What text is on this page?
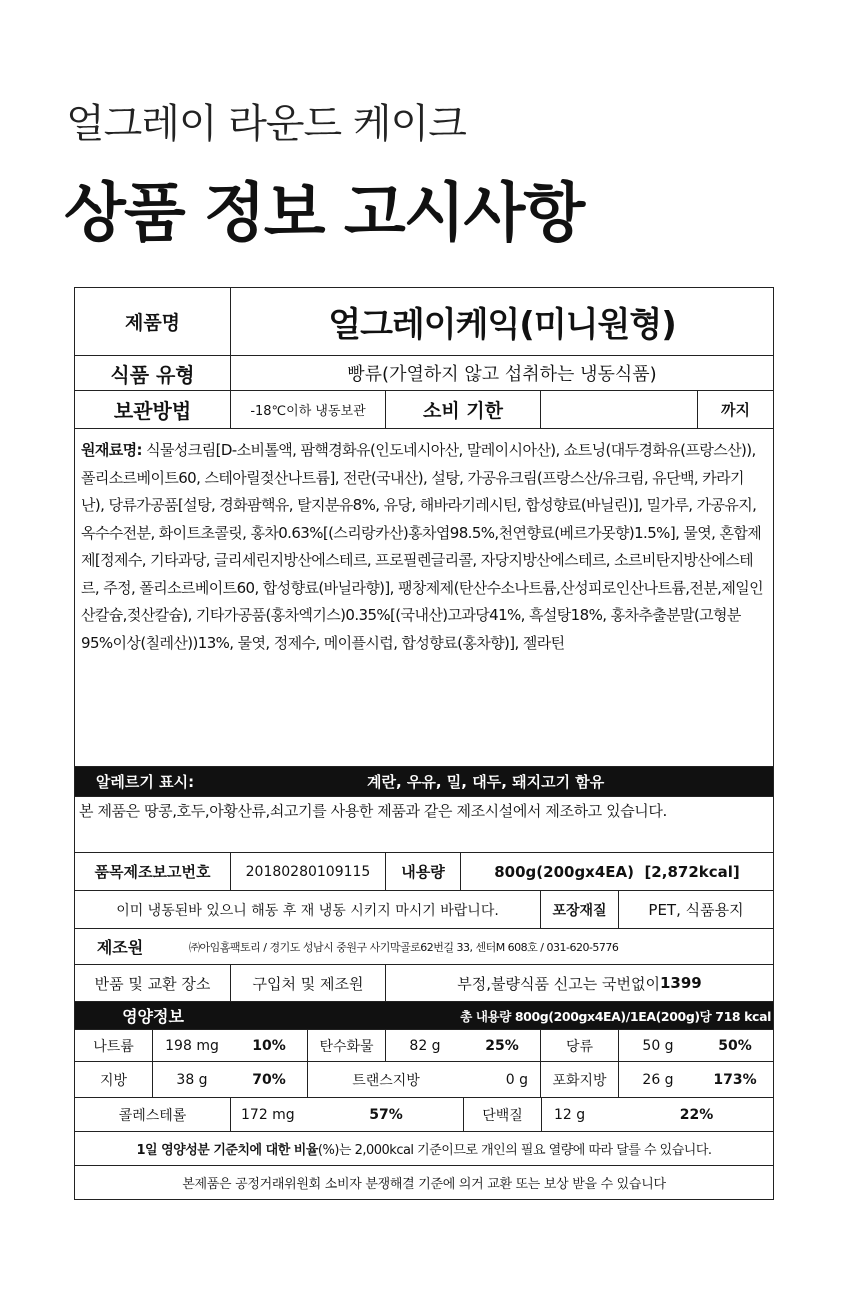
얼그레이 라운드 케이크
상품 정보 고시사항
제품명	얼그레이케익(미니원형)
식품 유형	빵류(가열하지 않고 섭취하는 냉동식품)
보관방법	-18℃이하 냉동보관	소비 기한	까지
원재료명: 식물성크림[D-소비톨액, 팜핵경화유(인도네시아산, 말레이시아산), 쇼트닝(대두경화유(프랑스산)), 폴리소르베이트60, 스테아릴젖산나트륨], 전란(국내산), 설탕, 가공유크림(프랑스산/유크림, 유단백, 카라기난), 당류가공품[설탕, 경화팜핵유, 탈지분유8%, 유당, 해바라기레시틴, 합성향료(바닐린)], 밀가루, 가공유지, 옥수수전분, 화이트초콜릿, 홍차0.63%[(스리랑카산)홍차엽98.5%,천연향료(베르가못향)1.5%], 물엿, 혼합제제[정제수, 기타과당, 글리세린지방산에스테르, 프로필렌글리콜, 자당지방산에스테르, 소르비탄지방산에스테르, 주정, 폴리소르베이트60, 합성향료(바닐라향)], 팽창제제(탄산수소나트륨,산성피로인산나트륨,전분,제일인산칼슘,젖산칼슘), 기타가공품(홍차엑기스)0.35%[(국내산)고과당41%, 흑설탕18%, 홍차추출분말(고형분 95%이상(칠레산))13%, 물엿, 정제수, 메이플시럽, 합성향료(홍차향)], 젤라틴
알레르기 표시:	계란, 우유, 밀, 대두, 돼지고기 함유
본 제품은 땅콩,호두,아황산류,쇠고기를 사용한 제품과 같은 제조시설에서 제조하고 있습니다.
품목제조보고번호	20180280109115	내용량	800g(200gx4EA)  [2,872kcal]
이미 냉동된바 있으니 해동 후 재 냉동 시키지 마시기 바랍니다.	포장재질	PET, 식품용지
제조원	㈜아임홈팩토리 / 경기도 성남시 중원구 사기막골로62번길 33, 센터M 608호 / 031-620-5776
반품 및 교환 장소	구입처 및 제조원	부정,불량식품 신고는 국번없이 1399
영양정보	총 내용량 800g(200gx4EA)/1EA(200g)당 718 kcal
나트륨	198 mg	10%	탄수화물	82 g	25%	당류	50 g	50%
지방	38 g	70%	트랜스지방	0 g	포화지방	26 g	173%
콜레스테롤	172 mg	57%	단백질	12 g	22%
1일 영양성분 기준치에 대한 비율 (%)는 2,000kcal 기준이므로 개인의 필요 열량에 따라 달를 수 있습니다.
본제품은 공정거래위원회 소비자 분쟁해결 기준에 의거 교환 또는 보상 받을 수 있습니다
